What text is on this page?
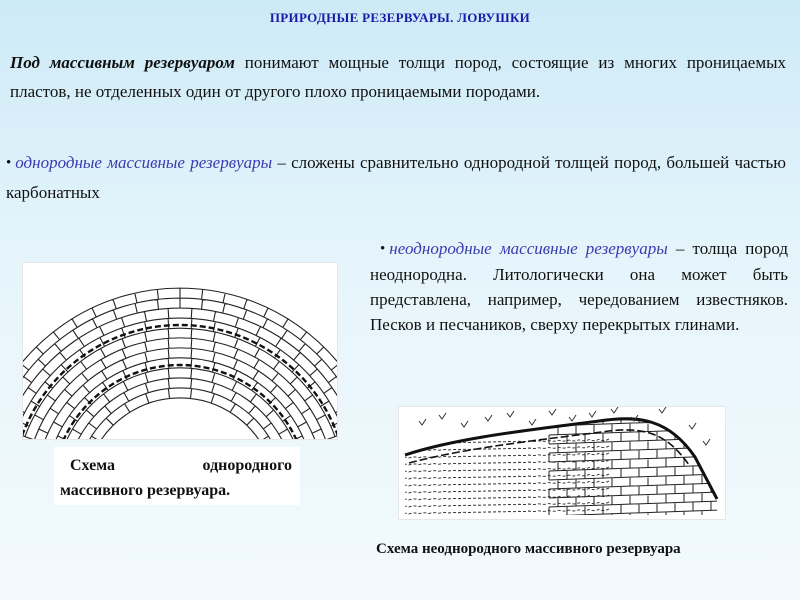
ПРИРОДНЫЕ РЕЗЕРВУАРЫ. ЛОВУШКИ
Под массивным резервуаром понимают мощные толщи пород, состоящие из многих проницаемых пластов, не отделенных один от другого плохо проницаемыми породами.
• однородные массивные резервуары – сложены сравнительно однородной толщей пород, большей частью карбонатных
• неоднородные массивные резервуары – толща пород неоднородна. Литологически она может быть представлена, например, чередованием известняков. Песков и песчаников, сверху перекрытых глинами.
Схема	однородного
массивного резервуара.
Схема неоднородного массивного резервуара
